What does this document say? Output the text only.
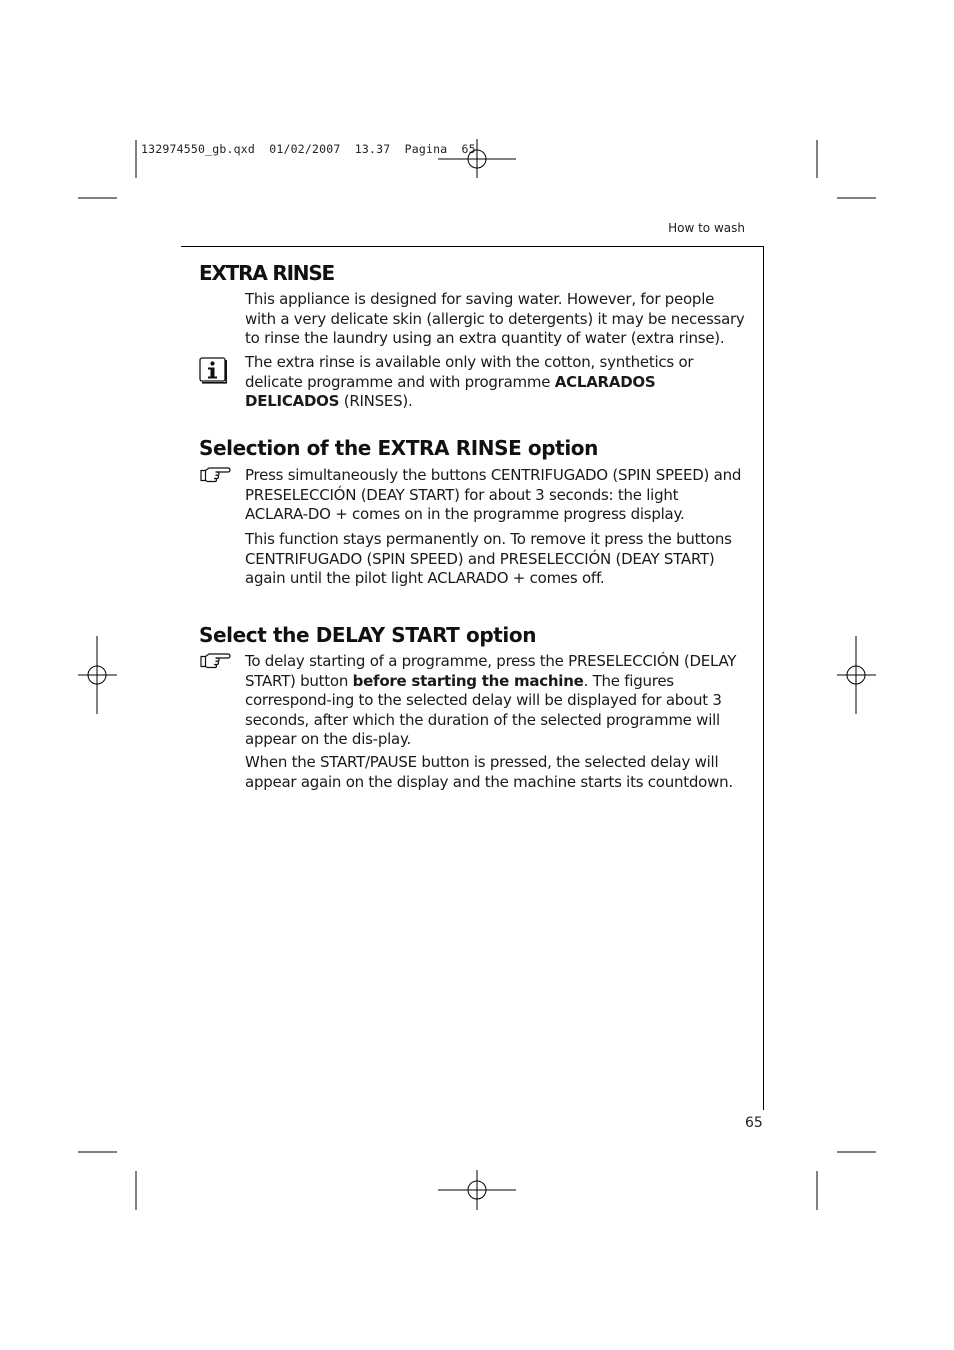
132974550_gb.qxd  01/02/2007  13.37  Pagina  65
How to wash
EXTRA RINSE

This appliance is designed for saving water. However, for people with a very delicate skin (allergic to detergents) it may be necessary to rinse the laundry using an extra quantity of water (extra rinse).

The extra rinse is available only with the cotton, synthetics or delicate programme and with programme ACLARADOS DELICADOS (RINSES).

Selection of the EXTRA RINSE option

Press simultaneously the buttons CENTRIFUGADO (SPIN SPEED) and PRESELECCIÓN (DEAY START) for about 3 seconds: the light ACLARA-DO + comes on in the programme progress display.

This function stays permanently on. To remove it press the buttons CENTRIFUGADO (SPIN SPEED) and PRESELECCIÓN (DEAY START) again until the pilot light ACLARADO + comes off.

Select the DELAY START option

To delay starting of a programme, press the PRESELECCIÓN (DELAY START) button before starting the machine. The figures correspond-ing to the selected delay will be displayed for about 3 seconds, after which the duration of the selected programme will appear on the dis-play.

When the START/PAUSE button is pressed, the selected delay will appear again on the display and the machine starts its countdown.

65
